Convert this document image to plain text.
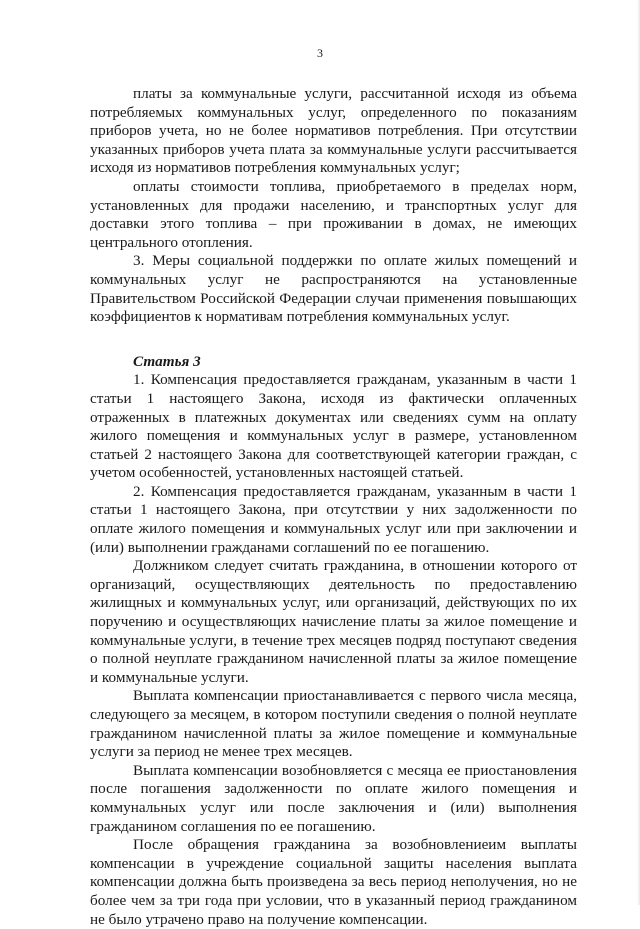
3

платы за коммунальные услуги, рассчитанной исходя из объема потребляемых коммунальных услуг, определенного по показаниям приборов учета, но не более нормативов потребления. При отсутствии указанных приборов учета плата за коммунальные услуги рассчитывается исходя из нормативов потребления коммунальных услуг;

оплаты стоимости топлива, приобретаемого в пределах норм, установленных для продажи населению, и транспортных услуг для доставки этого топлива – при проживании в домах, не имеющих центрального отопления.

3. Меры социальной поддержки по оплате жилых помещений и коммунальных услуг не распространяются на установленные Правительством Российской Федерации случаи применения повышающих коэффициентов к нормативам потребления коммунальных услуг.

Статья 3

1. Компенсация предоставляется гражданам, указанным в части 1 статьи 1 настоящего Закона, исходя из фактически оплаченных отраженных в платежных документах или сведениях сумм на оплату жилого помещения и коммунальных услуг в размере, установленном статьей 2 настоящего Закона для соответствующей категории граждан, с учетом особенностей, установленных настоящей статьей.

2. Компенсация предоставляется гражданам, указанным в части 1 статьи 1 настоящего Закона, при отсутствии у них задолженности по оплате жилого помещения и коммунальных услуг или при заключении и (или) выполнении гражданами соглашений по ее погашению.

Должником следует считать гражданина, в отношении которого от организаций, осуществляющих деятельность по предоставлению жилищных и коммунальных услуг, или организаций, действующих по их поручению и осуществляющих начисление платы за жилое помещение и коммунальные услуги, в течение трех месяцев подряд поступают сведения о полной неуплате гражданином начисленной платы за жилое помещение и коммунальные услуги.

Выплата компенсации приостанавливается с первого числа месяца, следующего за месяцем, в котором поступили сведения о полной неуплате гражданином начисленной платы за жилое помещение и коммунальные услуги за период не менее трех месяцев.

Выплата компенсации возобновляется с месяца ее приостановления после погашения задолженности по оплате жилого помещения и коммунальных услуг или после заключения и (или) выполнения гражданином соглашения по ее погашению.

После обращения гражданина за возобновлениеим выплаты компенсации в учреждение социальной защиты населения выплата компенсации должна быть произведена за весь период неполучения, но не более чем за три года при условии, что в указанный период гражданином не было утрачено право на получение компенсации.
